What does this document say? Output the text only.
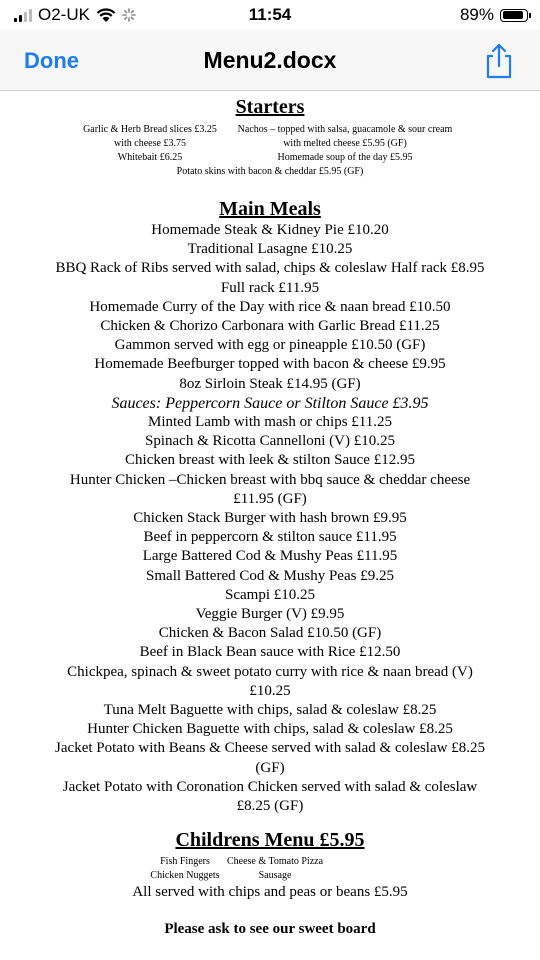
O2-UK	11:54	89%
Done	Menu2.docx
Starters
Garlic & Herb Bread slices £3.25	Nachos – topped with salsa, guacamole & sour cream
with cheese £3.75	with melted cheese £5.95 (GF)
Whitebait £6.25	Homemade soup of the day £5.95
Potato skins with bacon & cheddar £5.95 (GF)
Main Meals
Homemade Steak & Kidney Pie £10.20
Traditional Lasagne £10.25
BBQ Rack of Ribs served with salad, chips & coleslaw Half rack £8.95
Full rack £11.95
Homemade Curry of the Day with rice & naan bread £10.50
Chicken & Chorizo Carbonara with Garlic Bread £11.25
Gammon served with egg or pineapple £10.50 (GF)
Homemade Beefburger topped with bacon & cheese £9.95
8oz Sirloin Steak £14.95 (GF)
Sauces: Peppercorn Sauce or Stilton Sauce £3.95
Minted Lamb with mash or chips £11.25
Spinach & Ricotta Cannelloni (V) £10.25
Chicken breast with leek & stilton Sauce £12.95
Hunter Chicken –Chicken breast with bbq sauce & cheddar cheese
£11.95 (GF)
Chicken Stack Burger with hash brown £9.95
Beef in peppercorn & stilton sauce £11.95
Large Battered Cod & Mushy Peas £11.95
Small Battered Cod & Mushy Peas £9.25
Scampi £10.25
Veggie Burger (V) £9.95
Chicken & Bacon Salad £10.50 (GF)
Beef in Black Bean sauce with Rice £12.50
Chickpea, spinach & sweet potato curry with rice & naan bread (V)
£10.25
Tuna Melt Baguette with chips, salad & coleslaw £8.25
Hunter Chicken Baguette with chips, salad & coleslaw £8.25
Jacket Potato with Beans & Cheese served with salad & coleslaw £8.25
(GF)
Jacket Potato with Coronation Chicken served with salad & coleslaw
£8.25 (GF)
Childrens Menu £5.95
Fish Fingers	Cheese & Tomato Pizza
Chicken Nuggets	Sausage
All served with chips and peas or beans £5.95
Please ask to see our sweet board
